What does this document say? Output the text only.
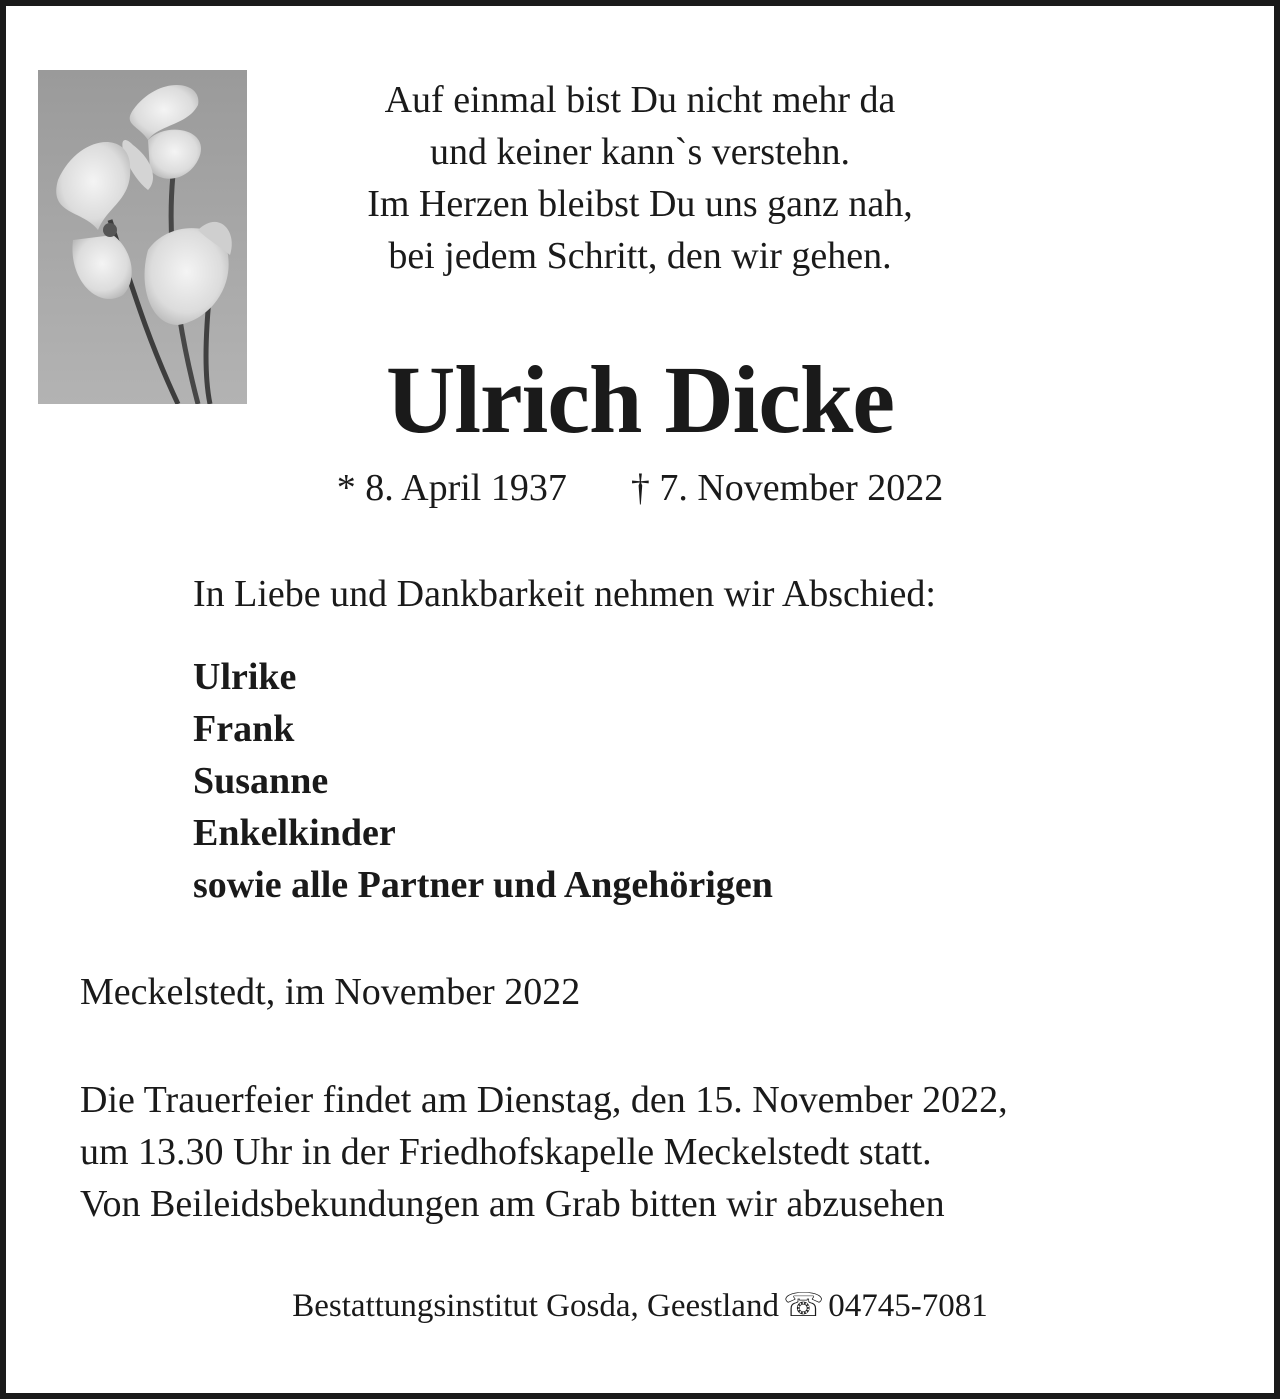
Auf einmal bist Du nicht mehr da
und keiner kann`s verstehn.
Im Herzen bleibst Du uns ganz nah,
bei jedem Schritt, den wir gehen.
Ulrich Dicke
* 8. April 1937 † 7. November 2022
In Liebe und Dankbarkeit nehmen wir Abschied:
Ulrike
Frank
Susanne
Enkelkinder
sowie alle Partner und Angehörigen
Meckelstedt, im November 2022
Die Trauerfeier findet am Dienstag, den 15. November 2022,
um 13.30 Uhr in der Friedhofskapelle Meckelstedt statt.
Von Beileidsbekundungen am Grab bitten wir abzusehen
Bestattungsinstitut Gosda, Geestland ☏ 04745-7081
